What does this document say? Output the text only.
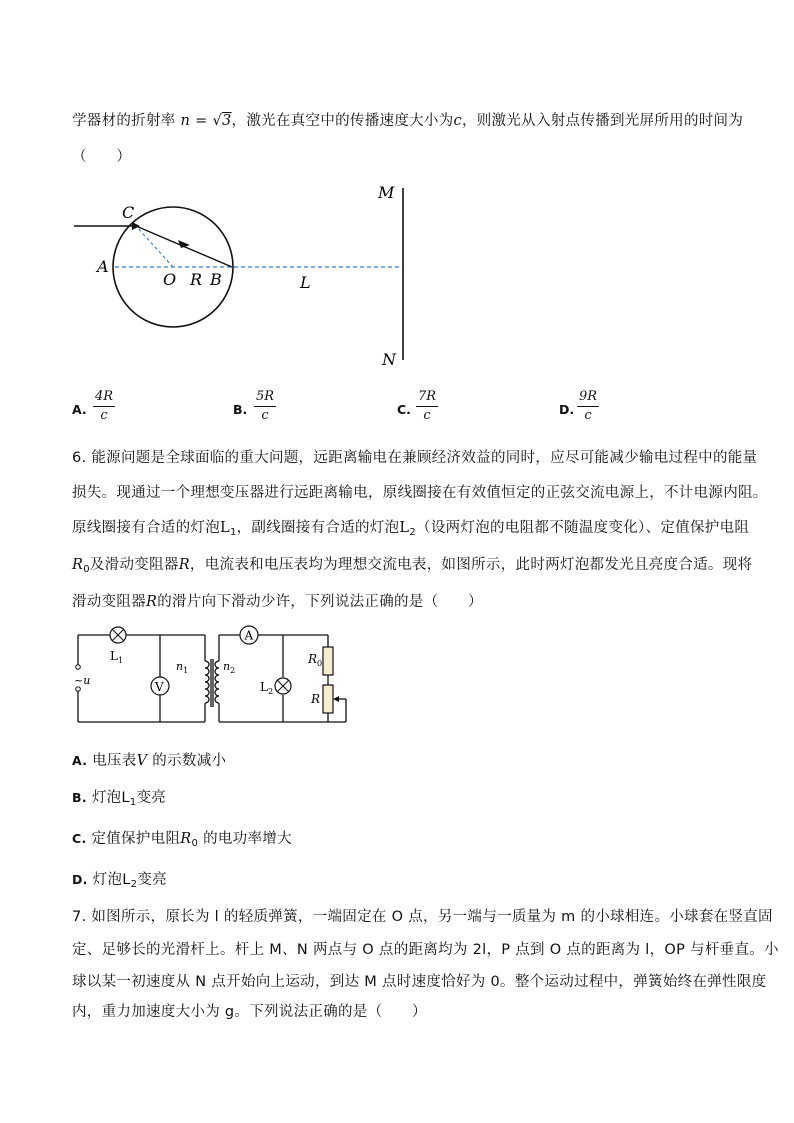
学器材的折射率 n = √3，激光在真空中的传播速度大小为c，则激光从入射点传播到光屏所用的时间为
（　　）
C
A
O R B	L
M
N
A. $\frac{4R}{c}$	B. $\frac{5R}{c}$	C. $\frac{7R}{c}$	D. $\frac{9R}{c}$
6. 能源问题是全球面临的重大问题，远距离输电在兼顾经济效益的同时，应尽可能减少输电过程中的能量
损失。现通过一个理想变压器进行远距离输电，原线圈接在有效值恒定的正弦交流电源上，不计电源内阻。
原线圈接有合适的灯泡$L_1$，副线圈接有合适的灯泡$L_2$（设两灯泡的电阻都不随温度变化）、定值保护电阻
$R_0$及滑动变阻器R，电流表和电压表均为理想交流电表，如图所示，此时两灯泡都发光且亮度合适。现将
滑动变阻器R的滑片向下滑动少许，下列说法正确的是（　　）
V
A
$L_1$
~u
$n_1$	$n_2$
$L_2$
$R_0$
R
A. 电压表V 的示数减小
B. 灯泡$L_1$变亮
C. 定值保护电阻$R_0$ 的电功率增大
D. 灯泡$L_2$变亮
7. 如图所示，原长为 l 的轻质弹簧，一端固定在 O 点，另一端与一质量为 m 的小球相连。小球套在竖直固
定、足够长的光滑杆上。杆上 M、N 两点与 O 点的距离均为 2l，P 点到 O 点的距离为 l，OP 与杆垂直。小
球以某一初速度从 N 点开始向上运动，到达 M 点时速度恰好为 0。整个运动过程中，弹簧始终在弹性限度
内，重力加速度大小为 g。下列说法正确的是（　　）
